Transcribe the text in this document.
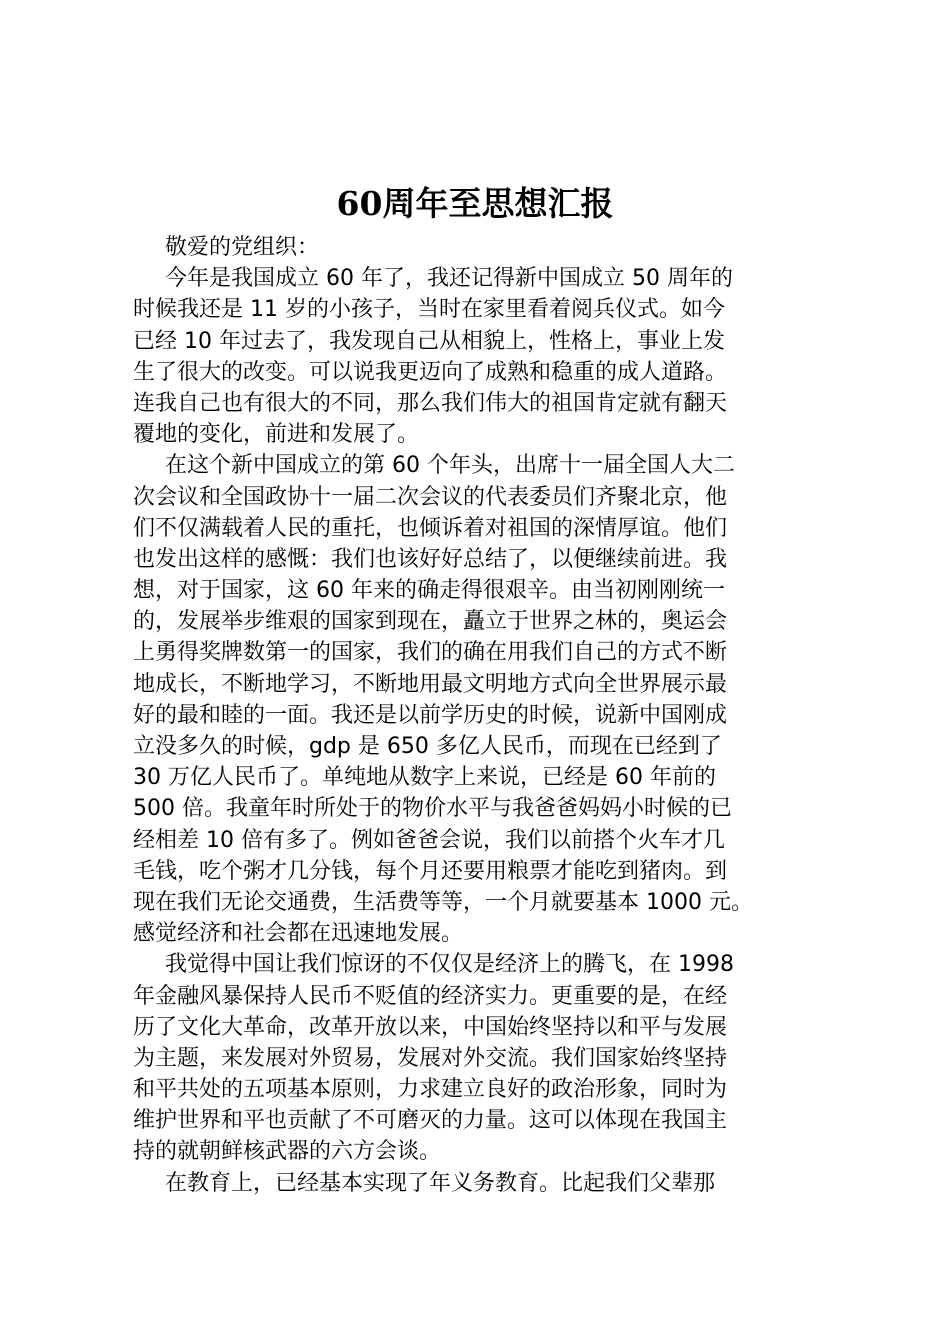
60周年至思想汇报
敬爱的党组织：
今年是我国成立 60 年了，我还记得新中国成立 50 周年的
时候我还是 11 岁的小孩子，当时在家里看着阅兵仪式。如今
已经 10 年过去了，我发现自己从相貌上，性格上，事业上发
生了很大的改变。可以说我更迈向了成熟和稳重的成人道路。
连我自己也有很大的不同，那么我们伟大的祖国肯定就有翻天
覆地的变化，前进和发展了。
在这个新中国成立的第 60 个年头，出席十一届全国人大二
次会议和全国政协十一届二次会议的代表委员们齐聚北京，他
们不仅满载着人民的重托，也倾诉着对祖国的深情厚谊。他们
也发出这样的感慨：我们也该好好总结了，以便继续前进。我
想，对于国家，这 60 年来的确走得很艰辛。由当初刚刚统一
的，发展举步维艰的国家到现在，矗立于世界之林的，奥运会
上勇得奖牌数第一的国家，我们的确在用我们自己的方式不断
地成长，不断地学习，不断地用最文明地方式向全世界展示最
好的最和睦的一面。我还是以前学历史的时候，说新中国刚成
立没多久的时候，gdp 是 650 多亿人民币，而现在已经到了
30 万亿人民币了。单纯地从数字上来说，已经是 60 年前的
500 倍。我童年时所处于的物价水平与我爸爸妈妈小时候的已
经相差 10 倍有多了。例如爸爸会说，我们以前搭个火车才几
毛钱，吃个粥才几分钱，每个月还要用粮票才能吃到猪肉。到
现在我们无论交通费，生活费等等，一个月就要基本 1000 元。
感觉经济和社会都在迅速地发展。
我觉得中国让我们惊讶的不仅仅是经济上的腾飞，在 1998
年金融风暴保持人民币不贬值的经济实力。更重要的是，在经
历了文化大革命，改革开放以来，中国始终坚持以和平与发展
为主题，来发展对外贸易，发展对外交流。我们国家始终坚持
和平共处的五项基本原则，力求建立良好的政治形象，同时为
维护世界和平也贡献了不可磨灭的力量。这可以体现在我国主
持的就朝鲜核武器的六方会谈。
在教育上，已经基本实现了年义务教育。比起我们父辈那
